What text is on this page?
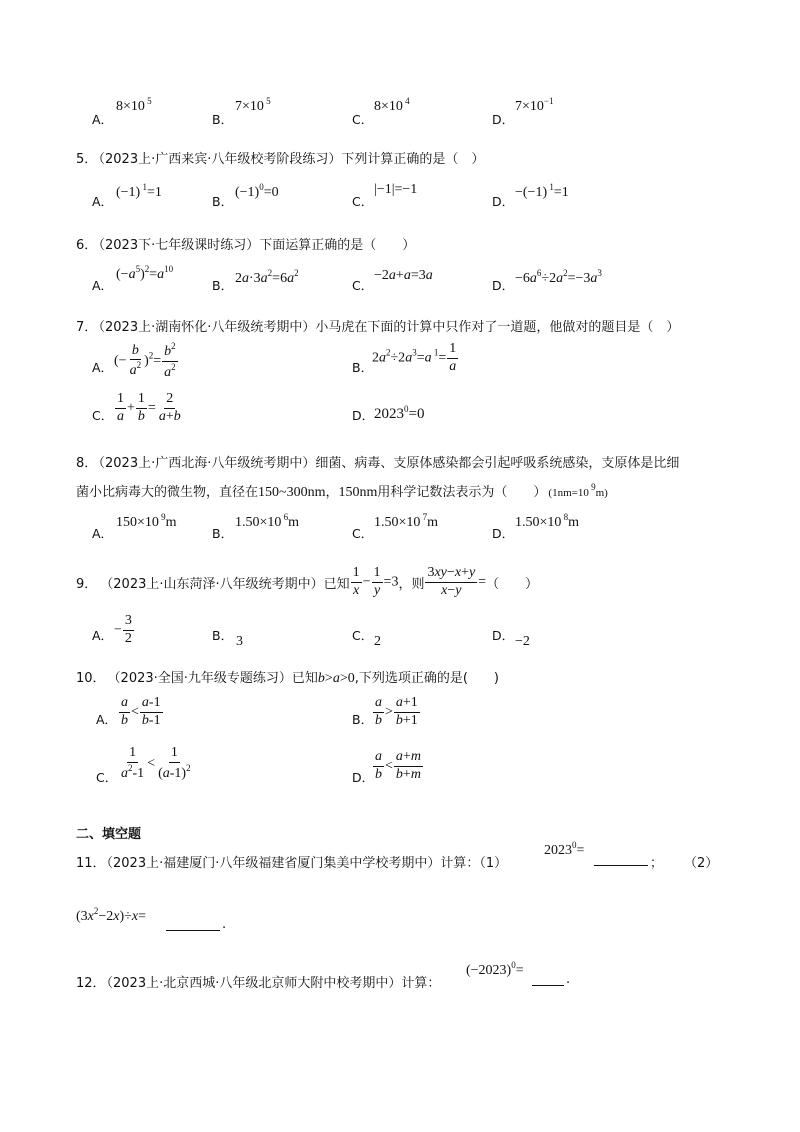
A．
8×10 $^5$
B．
7×10 $^5$
C．
8×10 $^4$
D．
$7\times 10^{-1}$
5．
（2023上·广西来宾·八年级校考阶段练习）下列计算正确的是（　）
A．
(−1) $^1$=1
B．
$(-1)^0=0$
C．
|−1|=−1
D．
−(−1) $^1$=1
6．
（2023下·七年级课时练习）下面运算正确的是（　　）
A．
$(-a^5)^2=a^{10}$
B． $2a\cdot 3a^2=6a^2$
C．
−2a+a=3a
D． $-6a^6\div 2a^2=-3a^3$
7．
（2023上·湖南怀化·八年级统考期中）小马虎在下面的计算中只作对了一道题，他做对的题目是（　）
A． (− $\frac{b}{a^2} )^2= \frac{b^2}{a^2}$	B．
$2a^2\div 2a^3=a$ $^1= \frac{1}{a}$
C． $\frac{1}{a} + \frac{1}{b} = \frac{2}{a+b}$	D． $2023^0=0$
8．
（2023上·广西北海·八年级统考期中）细菌、病毒、支原体感染都会引起呼吸系统感染，支原体是比细
菌小比病毒大的微生物，直径在 150~300nm ， 150nm 用科学记数法表示为（　　） (1nm=10 $^9$m)
A．
150×10 $^9$m
B．
1.50×10 $^6$m
C．
1.50×10 $^7$m
D．
1.50×10 $^8$m
9． （2023上·山东菏泽·八年级统考期中）已知 $\frac{1}{x} - \frac{1}{y} =3$ ，则 $\frac{3xy-x+y}{x-y}$ = （　　）
A． − $\frac{3}{2}$	B． 3	C． 2	D． −2
10． （2023·全国·九年级专题练习）已知 b>a>0 ,下列选项正确的是(　　)
A． $\frac{a}{b} < \frac{a-1}{b-1}$	B． $\frac{a}{b} > \frac{a+1}{b+1}$
C． $\frac{1}{a^2-1} < \frac{1}{(a-1)^2}$	D．
$\frac{a}{b} < \frac{a+m}{b+m}$
二、填空题
11．
（2023上·福建厦门·八年级福建省厦门集美中学校考期中）计算：（1）
$2023^0=$
； （2）
$(3x^2-2x)\div x=$
.
12．
（2023上·北京西城·八年级北京师大附中校考期中）计算：
$(-2023)^0=$
.
